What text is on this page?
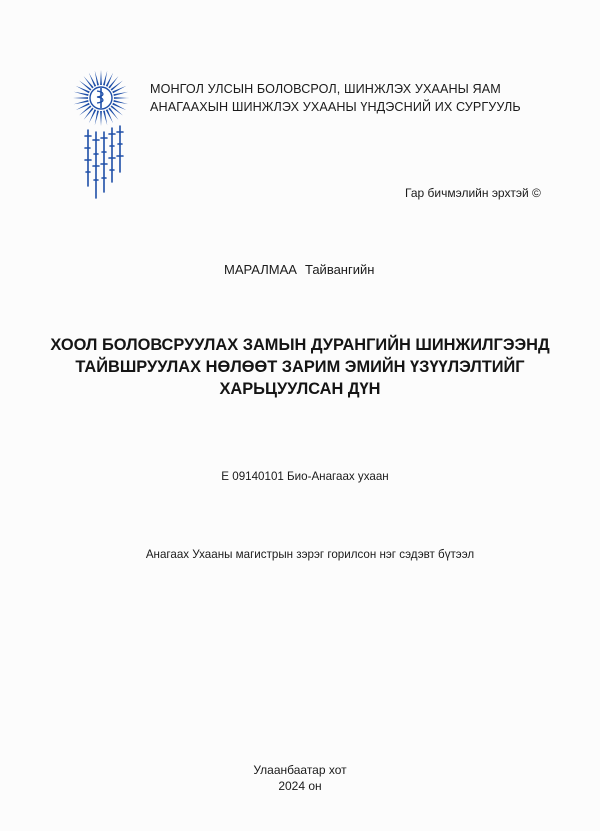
МОНГОЛ УЛСЫН БОЛОВСРОЛ, ШИНЖЛЭХ УХААНЫ ЯАМ
АНАГААХЫН ШИНЖЛЭХ УХААНЫ ҮНДЭСНИЙ ИХ СУРГУУЛЬ
Гар бичмэлийн эрхтэй ©
МАРАЛМАА Тайвангийн
ХООЛ БОЛОВСРУУЛАХ ЗАМЫН ДУРАНГИЙН ШИНЖИЛГЭЭНД
ТАЙВШРУУЛАХ НӨЛӨӨТ ЗАРИМ ЭМИЙН ҮЗҮҮЛЭЛТИЙГ
ХАРЬЦУУЛСАН ДҮН
E 09140101 Био-Анагаах ухаан
Анагаах Ухааны магистрын зэрэг горилсон нэг сэдэвт бүтээл
Улаанбаатар хот
2024 он
